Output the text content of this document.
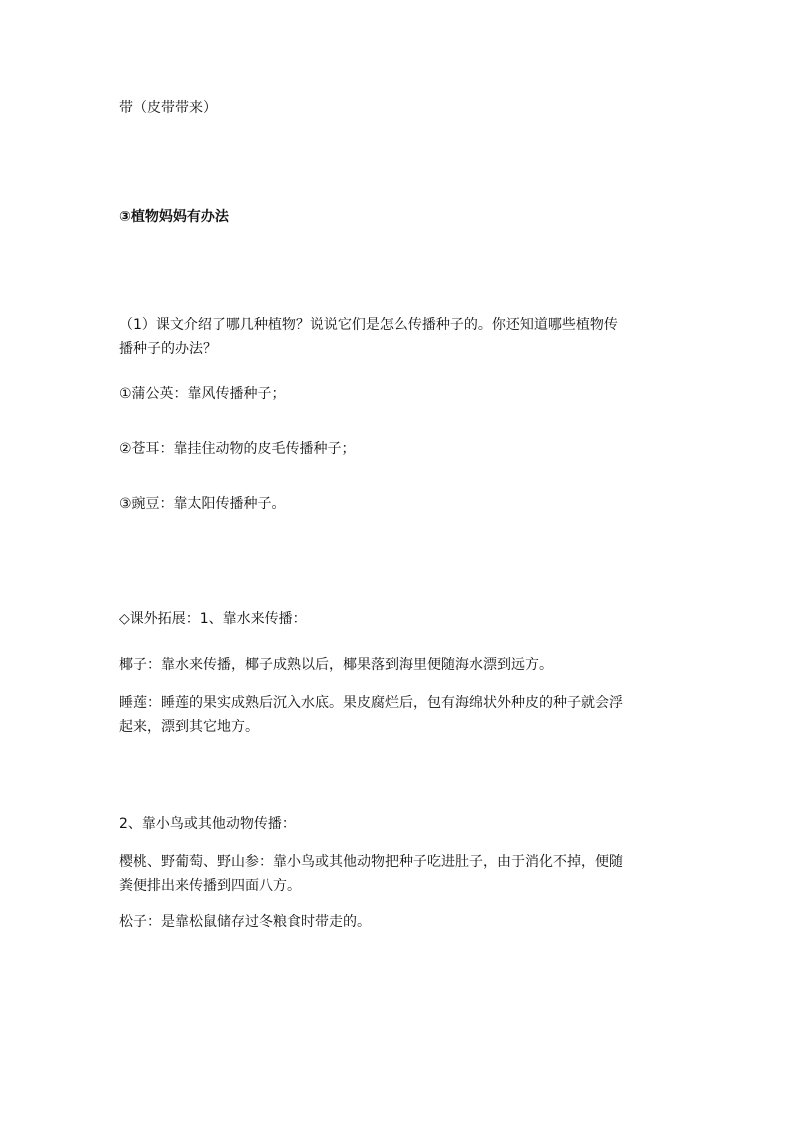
带（皮带带来）
③植物妈妈有办法
（1）课文介绍了哪几种植物？说说它们是怎么传播种子的。你还知道哪些植物传
播种子的办法？
①蒲公英：靠风传播种子；
②苍耳：靠挂住动物的皮毛传播种子；
③豌豆：靠太阳传播种子。
◇课外拓展：1、靠水来传播：
椰子：靠水来传播，椰子成熟以后，椰果落到海里便随海水漂到远方。
睡莲：睡莲的果实成熟后沉入水底。果皮腐烂后，包有海绵状外种皮的种子就会浮
起来，漂到其它地方。
2、靠小鸟或其他动物传播：
樱桃、野葡萄、野山参：靠小鸟或其他动物把种子吃进肚子，由于消化不掉，便随
粪便排出来传播到四面八方。
松子：是靠松鼠储存过冬粮食时带走的。
